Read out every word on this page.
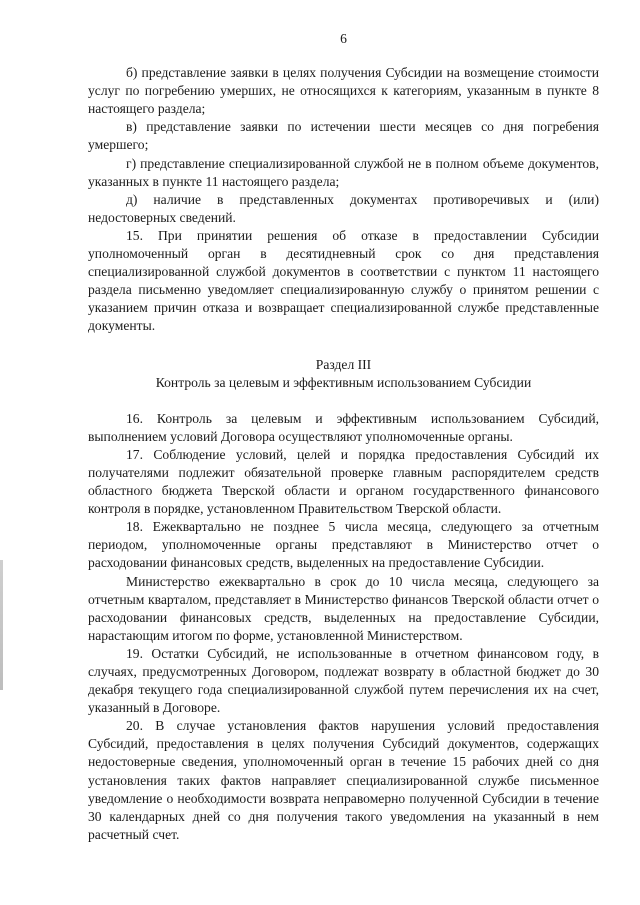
6

б) представление заявки в целях получения Субсидии на возмещение стоимости услуг по погребению умерших, не относящихся к категориям, указанным в пункте 8 настоящего раздела;

в) представление заявки по истечении шести месяцев со дня погребения умершего;

г) представление специализированной службой не в полном объеме документов, указанных в пункте 11 настоящего раздела;

д) наличие в представленных документах противоречивых и (или) недостоверных сведений.

15. При принятии решения об отказе в предоставлении Субсидии уполномоченный орган в десятидневный срок со дня представления специализированной службой документов в соответствии с пунктом 11 настоящего раздела письменно уведомляет специализированную службу о принятом решении с указанием причин отказа и возвращает специализированной службе представленные документы.

Раздел III

Контроль за целевым и эффективным использованием Субсидии

16. Контроль за целевым и эффективным использованием Субсидий, выполнением условий Договора осуществляют уполномоченные органы.

17. Соблюдение условий, целей и порядка предоставления Субсидий их получателями подлежит обязательной проверке главным распорядителем средств областного бюджета Тверской области и органом государственного финансового контроля в порядке, установленном Правительством Тверской области.

18. Ежеквартально не позднее 5 числа месяца, следующего за отчетным периодом, уполномоченные органы представляют в Министерство отчет о расходовании финансовых средств, выделенных на предоставление Субсидии.

Министерство ежеквартально в срок до 10 числа месяца, следующего за отчетным кварталом, представляет в Министерство финансов Тверской области отчет о расходовании финансовых средств, выделенных на предоставление Субсидии, нарастающим итогом по форме, установленной Министерством.

19. Остатки Субсидий, не использованные в отчетном финансовом году, в случаях, предусмотренных Договором, подлежат возврату в областной бюджет до 30 декабря текущего года специализированной службой путем перечисления их на счет, указанный в Договоре.

20. В случае установления фактов нарушения условий предоставления Субсидий, предоставления в целях получения Субсидий документов, содержащих недостоверные сведения, уполномоченный орган в течение 15 рабочих дней со дня установления таких фактов направляет специализированной службе письменное уведомление о необходимости возврата неправомерно полученной Субсидии в течение 30 календарных дней со дня получения такого уведомления на указанный в нем расчетный счет.
